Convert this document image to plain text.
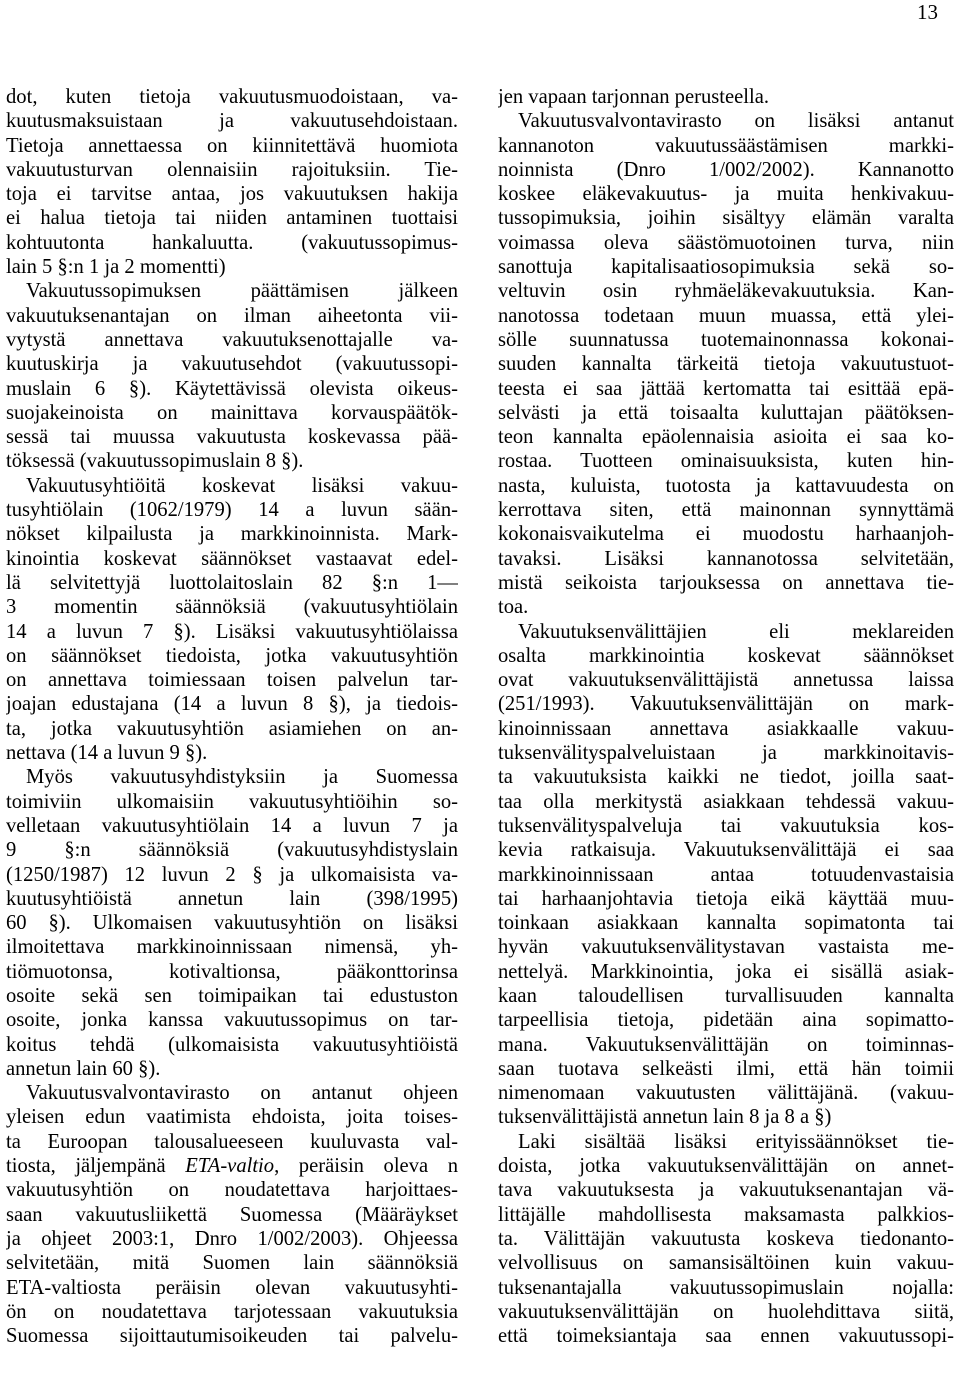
13
dot, kuten tietoja vakuutusmuodoistaan, va-
kuutusmaksuistaan ja vakuutusehdoistaan.
Tietoja annettaessa on kiinnitettävä huomiota
vakuutusturvan olennaisiin rajoituksiin. Tie-
toja ei tarvitse antaa, jos vakuutuksen hakija
ei halua tietoja tai niiden antaminen tuottaisi
kohtuutonta hankaluutta. (vakuutussopimus-
lain 5 §:n 1 ja 2 momentti)
Vakuutussopimuksen päättämisen jälkeen
vakuutuksenantajan on ilman aiheetonta vii-
vytystä annettava vakuutuksenottajalle va-
kuutuskirja ja vakuutusehdot (vakuutussopi-
muslain 6 §). Käytettävissä olevista oikeus-
suojakeinoista on mainittava korvauspäätök-
sessä tai muussa vakuutusta koskevassa pää-
töksessä (vakuutussopimuslain 8 §).
Vakuutusyhtiöitä koskevat lisäksi vakuu-
tusyhtiölain (1062/1979) 14 a luvun sään-
nökset kilpailusta ja markkinoinnista. Mark-
kinointia koskevat säännökset vastaavat edel-
lä selvitettyjä luottolaitoslain 82 §:n 1—
3 momentin säännöksiä (vakuutusyhtiölain
14 a luvun 7 §). Lisäksi vakuutusyhtiölaissa
on säännökset tiedoista, jotka vakuutusyhtiön
on annettava toimiessaan toisen palvelun tar-
joajan edustajana (14 a luvun 8 §), ja tiedois-
ta, jotka vakuutusyhtiön asiamiehen on an-
nettava (14 a luvun 9 §).
Myös vakuutusyhdistyksiin ja Suomessa
toimiviin ulkomaisiin vakuutusyhtiöihin so-
velletaan vakuutusyhtiölain 14 a luvun 7 ja
9 §:n säännöksiä (vakuutusyhdistyslain
(1250/1987) 12 luvun 2 § ja ulkomaisista va-
kuutusyhtiöistä annetun lain (398/1995)
60 §). Ulkomaisen vakuutusyhtiön on lisäksi
ilmoitettava markkinoinnissaan nimensä, yh-
tiömuotonsa, kotivaltionsa, pääkonttorinsa
osoite sekä sen toimipaikan tai edustuston
osoite, jonka kanssa vakuutussopimus on tar-
koitus tehdä (ulkomaisista vakuutusyhtiöistä
annetun lain 60 §).
Vakuutusvalvontavirasto on antanut ohjeen
yleisen edun vaatimista ehdoista, joita toises-
ta Euroopan talousalueeseen kuuluvasta val-
tiosta, jäljempänä ETA-valtio, peräisin oleva n
vakuutusyhtiön on noudatettava harjoittaes-
saan vakuutusliikettä Suomessa (Määräykset
ja ohjeet 2003:1, Dnro 1/002/2003). Ohjeessa
selvitetään, mitä Suomen lain säännöksiä
ETA-valtiosta peräisin olevan vakuutusyhti-
ön on noudatettava tarjotessaan vakuutuksia
Suomessa sijoittautumisoikeuden tai palvelu-
jen vapaan tarjonnan perusteella.
Vakuutusvalvontavirasto on lisäksi antanut
kannanoton vakuutussäästämisen markki-
noinnista (Dnro 1/002/2002). Kannanotto
koskee eläkevakuutus- ja muita henkivakuu-
tussopimuksia, joihin sisältyy elämän varalta
voimassa oleva säästömuotoinen turva, niin
sanottuja kapitalisaatiosopimuksia sekä so-
veltuvin osin ryhmäeläkevakuutuksia. Kan-
nanotossa todetaan muun muassa, että ylei-
sölle suunnatussa tuotemainonnassa kokonai-
suuden kannalta tärkeitä tietoja vakuutustuot-
teesta ei saa jättää kertomatta tai esittää epä-
selvästi ja että toisaalta kuluttajan päätöksen-
teon kannalta epäolennaisia asioita ei saa ko-
rostaa. Tuotteen ominaisuuksista, kuten hin-
nasta, kuluista, tuotosta ja kattavuudesta on
kerrottava siten, että mainonnan synnyttämä
kokonaisvaikutelma ei muodostu harhaanjoh-
tavaksi. Lisäksi kannanotossa selvitetään,
mistä seikoista tarjouksessa on annettava tie-
toa.
Vakuutuksenvälittäjien eli meklareiden
osalta markkinointia koskevat säännökset
ovat vakuutuksenvälittäjistä annetussa laissa
(251/1993). Vakuutuksenvälittäjän on mark-
kinoinnissaan annettava asiakkaalle vakuu-
tuksenvälityspalveluistaan ja markkinoitavis-
ta vakuutuksista kaikki ne tiedot, joilla saat-
taa olla merkitystä asiakkaan tehdessä vakuu-
tuksenvälityspalveluja tai vakuutuksia kos-
kevia ratkaisuja. Vakuutuksenvälittäjä ei saa
markkinoinnissaan antaa totuudenvastaisia
tai harhaanjohtavia tietoja eikä käyttää muu-
toinkaan asiakkaan kannalta sopimatonta tai
hyvän vakuutuksenvälitystavan vastaista me-
nettelyä. Markkinointia, joka ei sisällä asiak-
kaan taloudellisen turvallisuuden kannalta
tarpeellisia tietoja, pidetään aina sopimatto-
mana. Vakuutuksenvälittäjän on toiminnas-
saan tuotava selkeästi ilmi, että hän toimii
nimenomaan vakuutusten välittäjänä. (vakuu-
tuksenvälittäjistä annetun lain 8 ja 8 a §)
Laki sisältää lisäksi erityissäännökset tie-
doista, jotka vakuutuksenvälittäjän on annet-
tava vakuutuksesta ja vakuutuksenantajan vä-
littäjälle mahdollisesta maksamasta palkkios-
ta. Välittäjän vakuutusta koskeva tiedonanto-
velvollisuus on samansisältöinen kuin vakuu-
tuksenantajalla vakuutussopimuslain nojalla:
vakuutuksenvälittäjän on huolehdittava siitä,
että toimeksiantaja saa ennen vakuutussopi-
